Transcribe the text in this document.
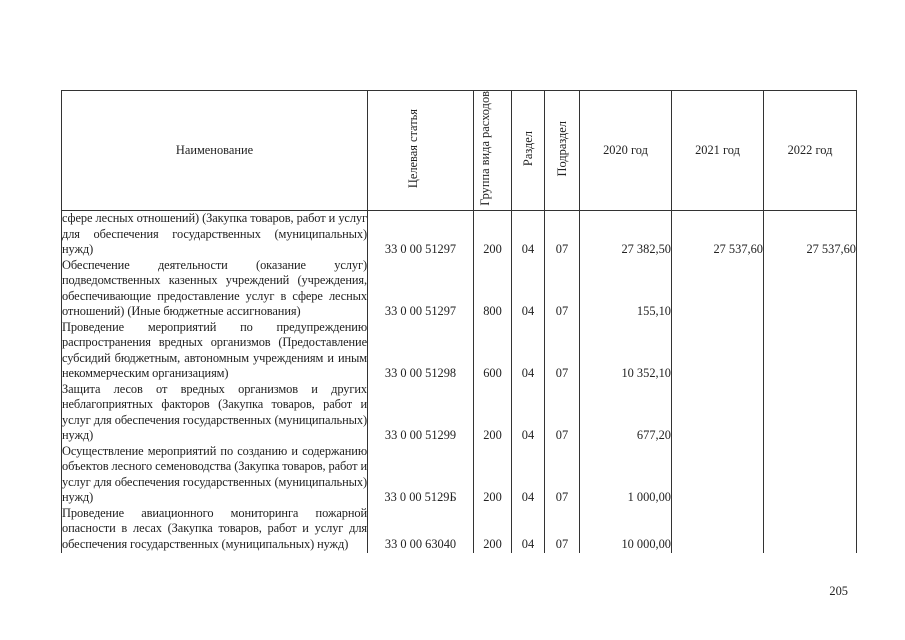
Наименование	Целевая статья	Группа вида расходов	Раздел	Подраздел	2020 год	2021 год	2022 год
сфере лесных отношений) (Закупка товаров, работ и услуг для обеспечения государственных (муниципальных) нужд)	33 0 00 51297	200	04	07	27 382,50	27 537,60	27 537,60
Обеспечение деятельности (оказание услуг) подведомственных казенных учреждений (учреждения, обеспечивающие предоставление услуг в сфере лесных отношений) (Иные бюджетные ассигнования)	33 0 00 51297	800	04	07	155,10		
Проведение мероприятий по предупреждению распространения вредных организмов (Предоставление субсидий бюджетным, автономным учреждениям и иным некоммерческим организациям)	33 0 00 51298	600	04	07	10 352,10		
Защита лесов от вредных организмов и других неблагоприятных факторов (Закупка товаров, работ и услуг для обеспечения государственных (муниципальных) нужд)	33 0 00 51299	200	04	07	677,20		
Осуществление мероприятий по созданию и содержанию объектов лесного семеноводства (Закупка товаров, работ и услуг для обеспечения государственных (муниципальных) нужд)	33 0 00 5129Б	200	04	07	1 000,00		
Проведение авиационного мониторинга пожарной опасности в лесах (Закупка товаров, работ и услуг для обеспечения государственных (муниципальных) нужд)	33 0 00 63040	200	04	07	10 000,00		
205
